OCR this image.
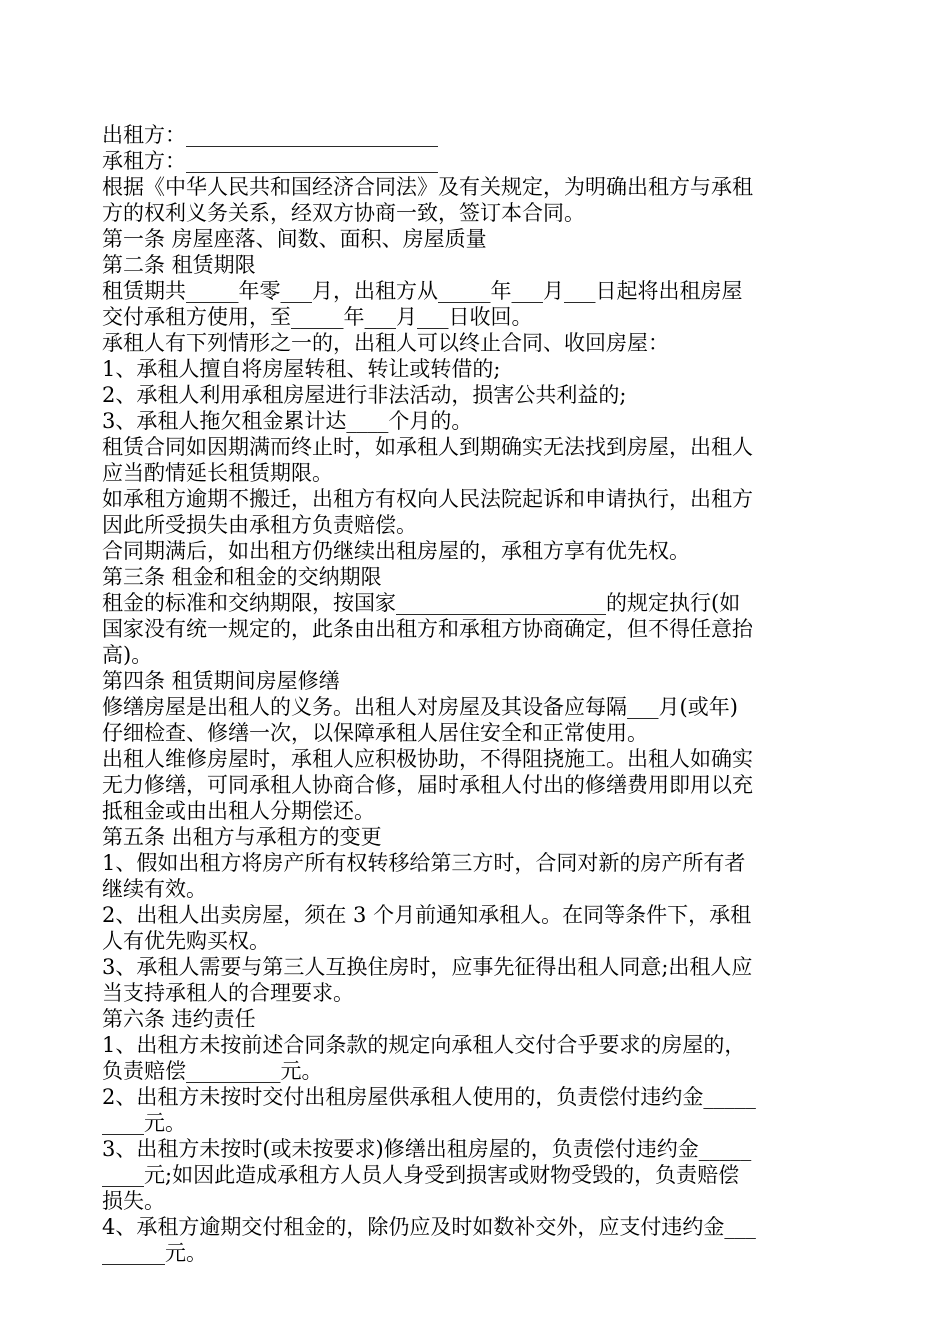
出租方：________________________
承租方：________________________
根据《中华人民共和国经济合同法》及有关规定，为明确出租方与承租
方的权利义务关系，经双方协商一致，签订本合同。
第一条 房屋座落、间数、面积、房屋质量
第二条 租赁期限
租赁期共_____年零___月，出租方从_____年___月___日起将出租房屋
交付承租方使用，至_____年___月___日收回。
承租人有下列情形之一的，出租人可以终止合同、收回房屋：
1、承租人擅自将房屋转租、转让或转借的;
2、承租人利用承租房屋进行非法活动，损害公共利益的;
3、承租人拖欠租金累计达____个月的。
租赁合同如因期满而终止时，如承租人到期确实无法找到房屋，出租人
应当酌情延长租赁期限。
如承租方逾期不搬迁，出租方有权向人民法院起诉和申请执行，出租方
因此所受损失由承租方负责赔偿。
合同期满后，如出租方仍继续出租房屋的，承租方享有优先权。
第三条 租金和租金的交纳期限
租金的标准和交纳期限，按国家____________________的规定执行(如
国家没有统一规定的，此条由出租方和承租方协商确定，但不得任意抬
高)。
第四条 租赁期间房屋修缮
修缮房屋是出租人的义务。出租人对房屋及其设备应每隔___月(或年)
仔细检查、修缮一次，以保障承租人居住安全和正常使用。
出租人维修房屋时，承租人应积极协助，不得阻挠施工。出租人如确实
无力修缮，可同承租人协商合修，届时承租人付出的修缮费用即用以充
抵租金或由出租人分期偿还。
第五条 出租方与承租方的变更
1、假如出租方将房产所有权转移给第三方时，合同对新的房产所有者
继续有效。
2、出租人出卖房屋，须在 3 个月前通知承租人。在同等条件下，承租
人有优先购买权。
3、承租人需要与第三人互换住房时，应事先征得出租人同意;出租人应
当支持承租人的合理要求。
第六条 违约责任
1、出租方未按前述合同条款的规定向承租人交付合乎要求的房屋的，
负责赔偿_________元。
2、出租方未按时交付出租房屋供承租人使用的，负责偿付违约金_____
____元。
3、出租方未按时(或未按要求)修缮出租房屋的，负责偿付违约金_____
____元;如因此造成承租方人员人身受到损害或财物受毁的，负责赔偿
损失。
4、承租方逾期交付租金的，除仍应及时如数补交外，应支付违约金___
______元。
